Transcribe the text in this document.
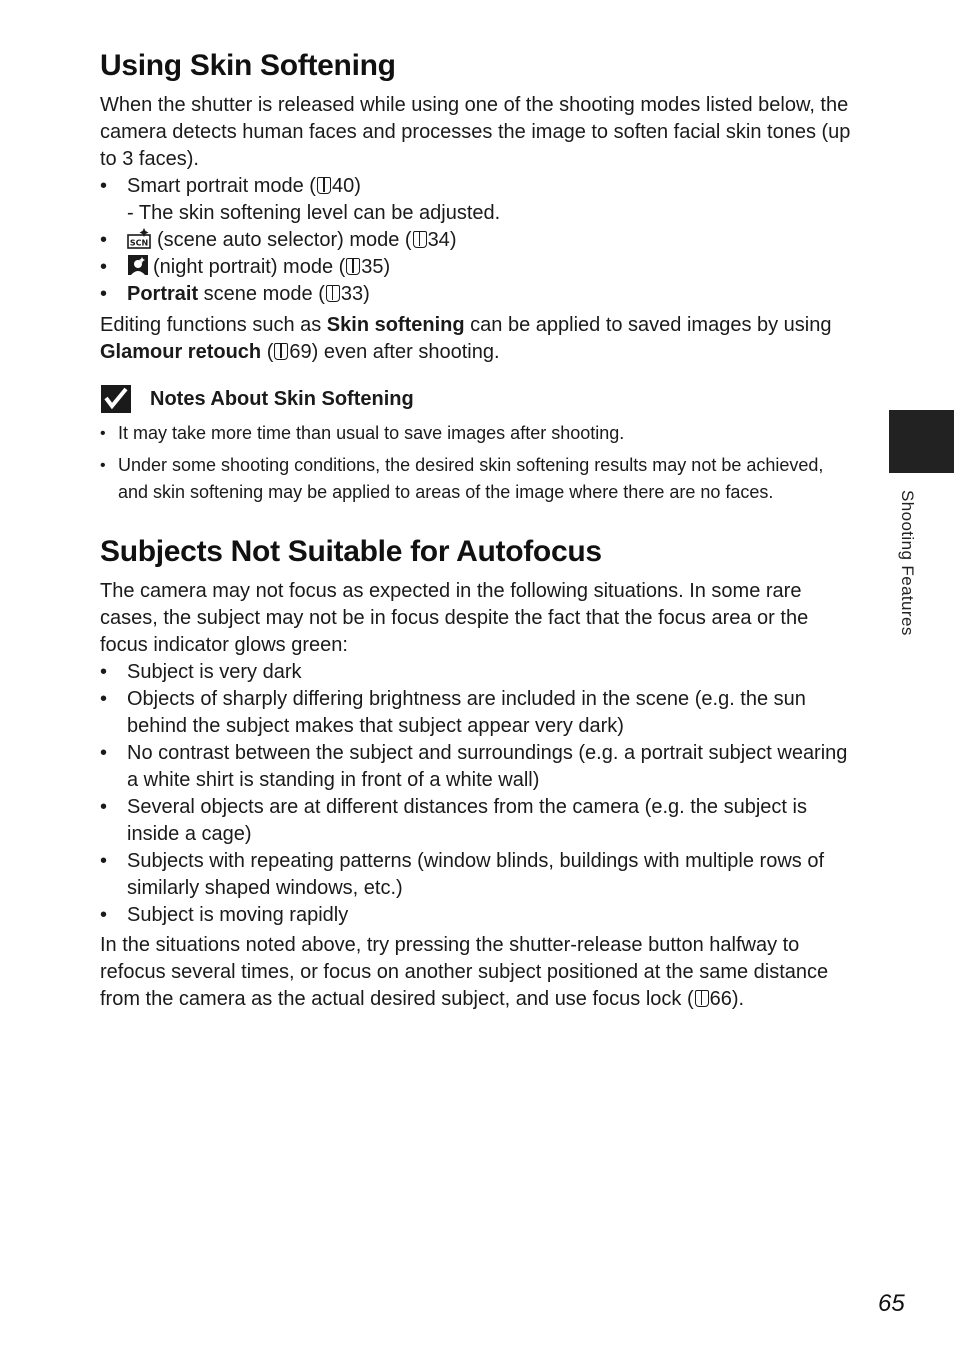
Using Skin Softening

When the shutter is released while using one of the shooting modes listed below, the camera detects human faces and processes the image to soften facial skin tones (up to 3 faces).

• Smart portrait mode ( 40)
- The skin softening level can be adjusted.
• SCN (scene auto selector) mode ( 34)
• (night portrait) mode ( 35)
• Portrait scene mode ( 33)

Editing functions such as Skin softening can be applied to saved images by using Glamour retouch ( 69) even after shooting.

Notes About Skin Softening
• It may take more time than usual to save images after shooting.
• Under some shooting conditions, the desired skin softening results may not be achieved, and skin softening may be applied to areas of the image where there are no faces.
Subjects Not Suitable for Autofocus

The camera may not focus as expected in the following situations. In some rare cases, the subject may not be in focus despite the fact that the focus area or the focus indicator glows green:

• Subject is very dark
• Objects of sharply differing brightness are included in the scene (e.g. the sun behind the subject makes that subject appear very dark)
• No contrast between the subject and surroundings (e.g. a portrait subject wearing a white shirt is standing in front of a white wall)
• Several objects are at different distances from the camera (e.g. the subject is inside a cage)
• Subjects with repeating patterns (window blinds, buildings with multiple rows of similarly shaped windows, etc.)
• Subject is moving rapidly

In the situations noted above, try pressing the shutter-release button halfway to refocus several times, or focus on another subject positioned at the same distance from the camera as the actual desired subject, and use focus lock ( 66).

Shooting Features
65
